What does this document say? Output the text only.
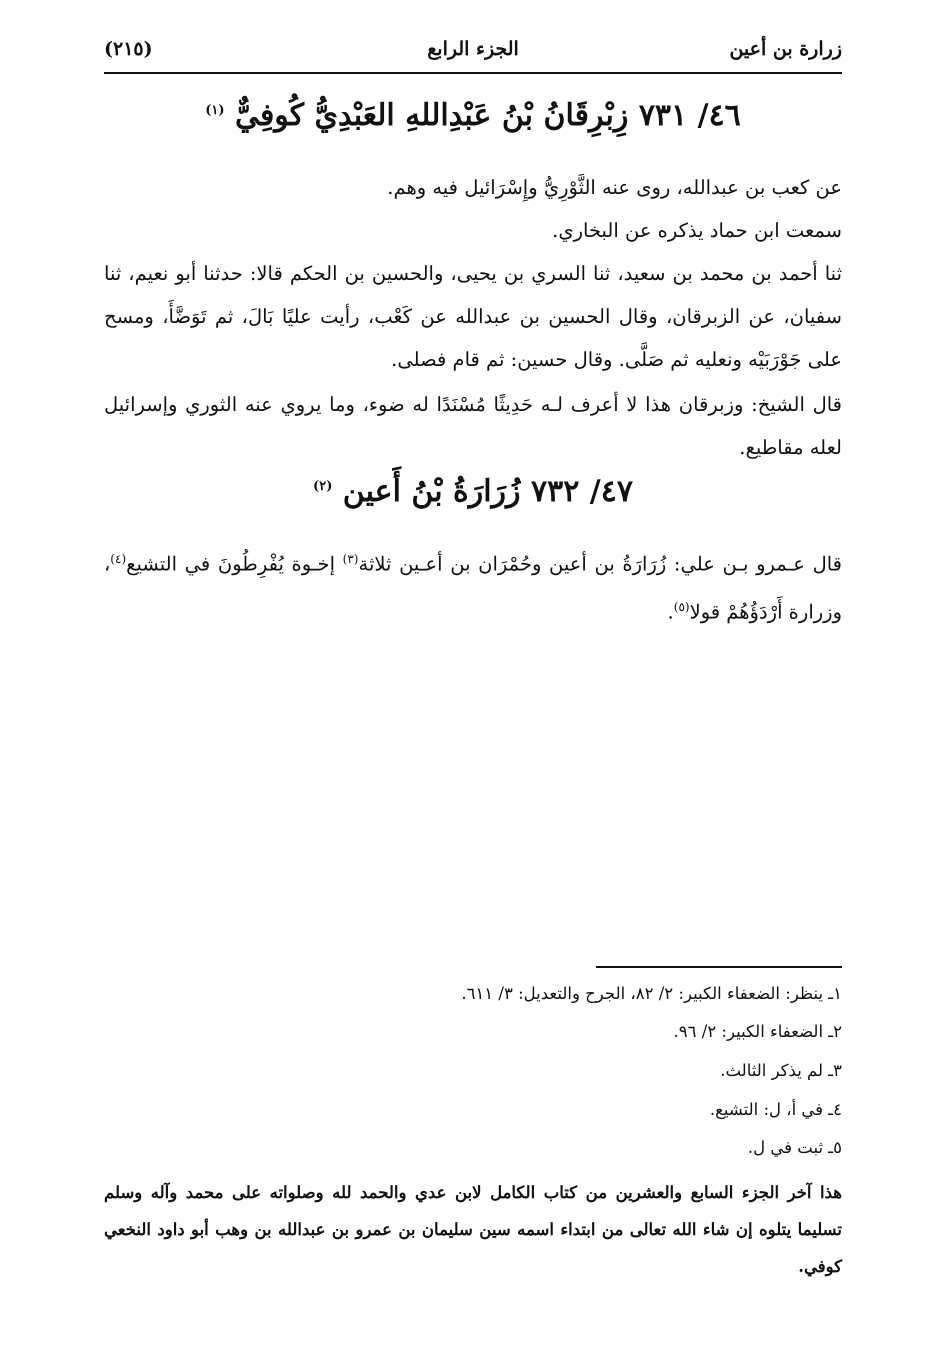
زرارة بن أعين
الجزء الرابع
(٢١٥)
٤٦/ ٧٣١ زِبْرِقَانُ بْنُ عَبْدِاللهِ العَبْدِيُّ كُوفِيٌّ $^{(١)}$
عن كعب بن عبدالله، روى عنه الثَّوْرِيُّ وإِسْرَائيل فيه وهم.
سمعت ابن حماد يذكره عن البخاري.
ثنا أحمد بن محمد بن سعيد، ثنا السري بن يحيى، والحسين بن الحكم قالا: حدثنا أبو نعيم، ثنا سفيان، عن الزبرقان، وقال الحسين بن عبدالله عن كَعْب، رأيت عليًا بَالَ، ثم تَوَضَّأَ، ومسح على جَوْرَبَيْه ونعليه ثم صَلَّى. وقال حسين: ثم قام فصلى.
قال الشيخ: وزبرقان هذا لا أعرف لـه حَدِيثًا مُسْنَدًا له ضوء، وما يروي عنه الثوري وإسرائيل لعله مقاطيع.
٤٧/ ٧٣٢ زُرَارَةُ بْنُ أَعين $^{(٢)}$
قال عـمرو بـن علي: زُرَارَةُ بن أعين وحُمْرَان بن أعـين ثلاثة$^{(٣)}$ إخـوة يُفْرِطُونَ في التشيع$^{(٤)}$، وزرارة أَرْدَؤُهُمْ قولا$^{(٥)}$.
١ـ ينظر: الضعفاء الكبير: ٢/ ٨٢، الجرح والتعديل: ٣/ ٦١١.
٢ـ الضعفاء الكبير: ٢/ ٩٦.
٣ـ لم يذكر الثالث.
٤ـ في أ، ل: التشيع.
٥ـ ثبت في ل.
هذا آخر الجزء السابع والعشرين من كتاب الكامل لابن عدي والحمد لله وصلواته على محمد وآله وسلم تسليما يتلوه إن شاء الله تعالى من ابتداء اسمه سين سليمان بن عمرو بن عبدالله بن وهب أبو داود النخعي كوفي.
